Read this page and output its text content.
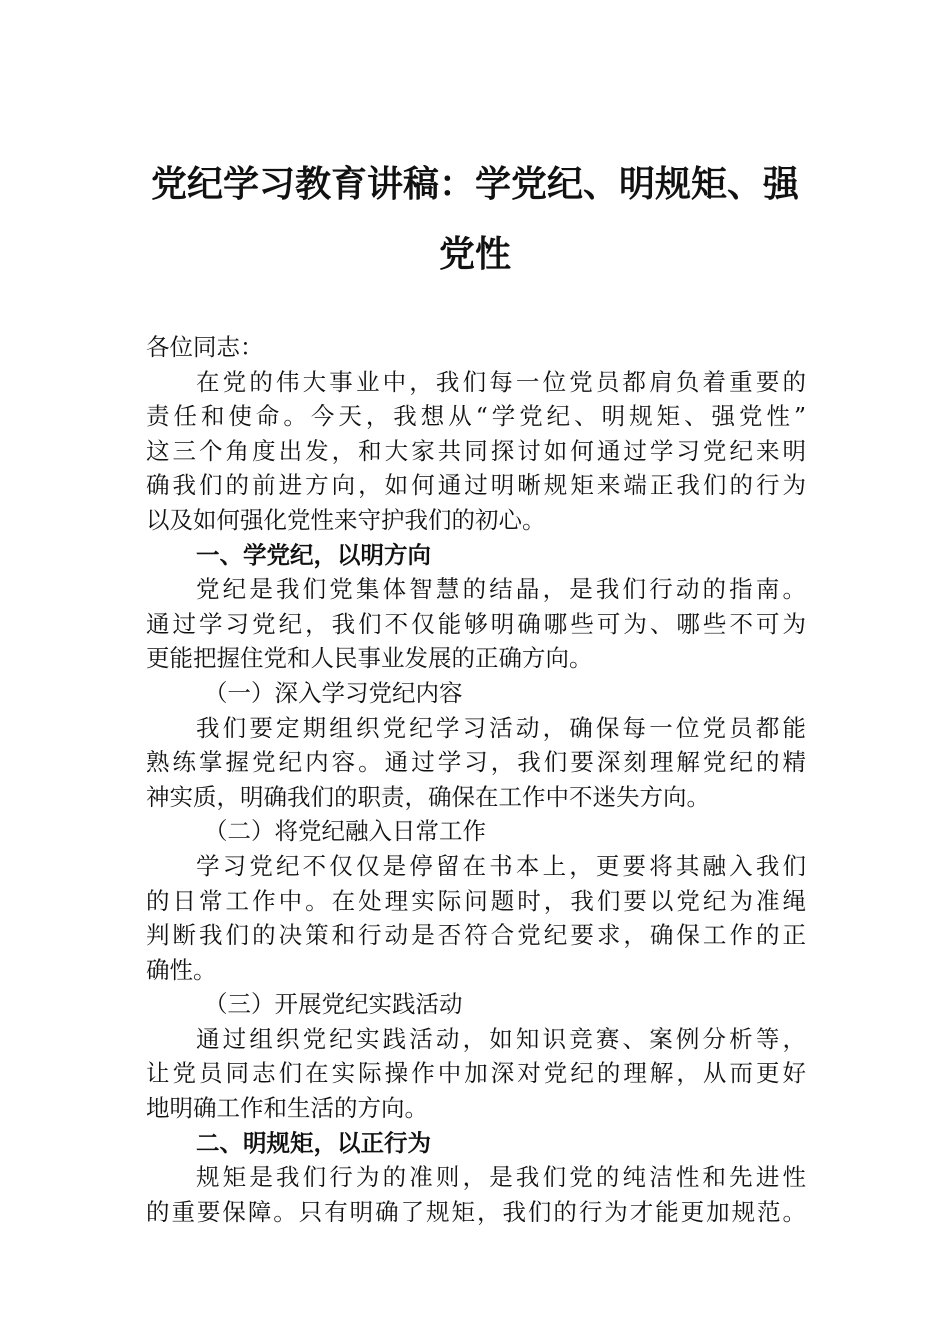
党纪学习教育讲稿：学党纪、明规矩、强
党性
各位同志：
在党的伟大事业中，我们每一位党员都肩负着重要的
责任和使命。今天，我想从“学党纪、明规矩、强党性”
这三个角度出发，和大家共同探讨如何通过学习党纪来明
确我们的前进方向，如何通过明晰规矩来端正我们的行为
以及如何强化党性来守护我们的初心。
一、学党纪，以明方向
党纪是我们党集体智慧的结晶，是我们行动的指南。
通过学习党纪，我们不仅能够明确哪些可为、哪些不可为
更能把握住党和人民事业发展的正确方向。
（一）深入学习党纪内容
我们要定期组织党纪学习活动，确保每一位党员都能
熟练掌握党纪内容。通过学习，我们要深刻理解党纪的精
神实质，明确我们的职责，确保在工作中不迷失方向。
（二）将党纪融入日常工作
学习党纪不仅仅是停留在书本上，更要将其融入我们
的日常工作中。在处理实际问题时，我们要以党纪为准绳
判断我们的决策和行动是否符合党纪要求，确保工作的正
确性。
（三）开展党纪实践活动
通过组织党纪实践活动，如知识竞赛、案例分析等，
让党员同志们在实际操作中加深对党纪的理解，从而更好
地明确工作和生活的方向。
二、明规矩，以正行为
规矩是我们行为的准则，是我们党的纯洁性和先进性
的重要保障。只有明确了规矩，我们的行为才能更加规范。
